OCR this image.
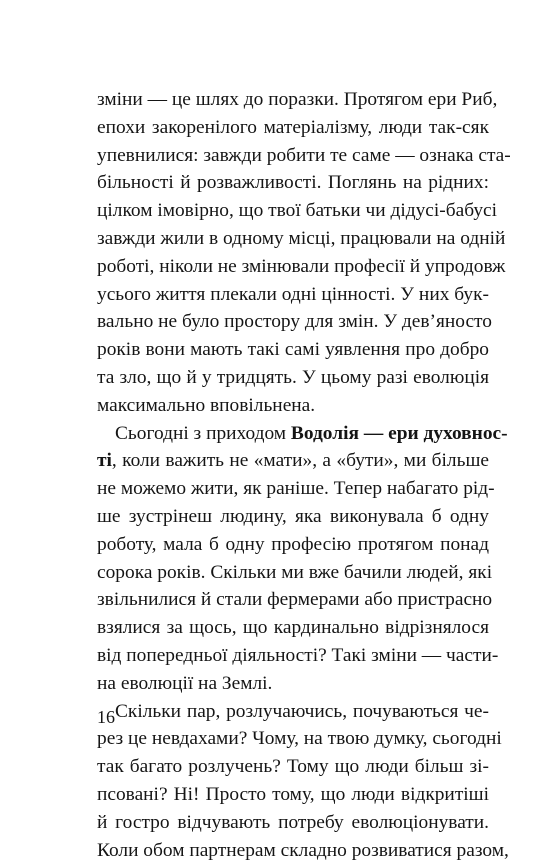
зміни — це шлях до поразки. Протягом ери Риб,
епохи закоренілого матеріалізму, люди так-сяк
упевнилися: завжди робити те саме — ознака ста-
більності й розважливості. Поглянь на рідних:
цілком імовірно, що твої батьки чи дідусі-бабусі
завжди жили в одному місці, працювали на одній
роботі, ніколи не змінювали професії й упродовж
усього життя плекали одні цінності. У них бук-
вально не було простору для змін. У дев’яносто
років вони мають такі самі уявлення про добро
та зло, що й у тридцять. У цьому разі еволюція
максимально вповільнена.
Сьогодні з приходом Водолія — ери духовнос-
ті, коли важить не «мати», а «бути», ми більше
не можемо жити, як раніше. Тепер набагато рід-
ше зустрінеш людину, яка виконувала б одну
роботу, мала б одну професію протягом понад
сорока років. Скільки ми вже бачили людей, які
звільнилися й стали фермерами або пристрасно
взялися за щось, що кардинально відрізнялося
від попередньої діяльності? Такі зміни — части-
на еволюції на Землі.
Скільки пар, розлучаючись, почуваються че-
рез це невдахами? Чому, на твою думку, сьогодні
так багато розлучень? Тому що люди більш зі-
псовані? Ні! Просто тому, що люди відкритіші
й гостро відчувають потребу еволюціонувати.
Коли обом партнерам складно розвиватися разом,
16
